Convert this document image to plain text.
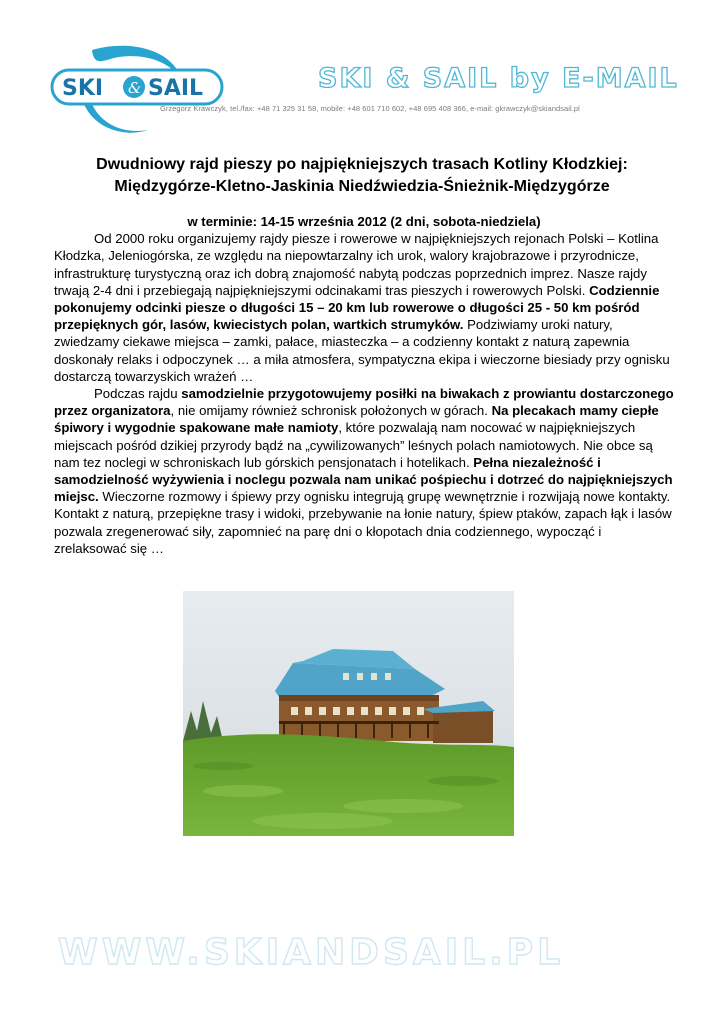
SKI & SAIL	SKI & SAIL by E-MAIL
Grzegorz Krawczyk, tel./fax: +48 71 325 31 58, mobile: +48 601 710 602, +48 695 408 366, e-mail: gkrawczyk@skiandsail.pl
Dwudniowy rajd pieszy po najpiękniejszych trasach Kotliny Kłodzkiej:
Międzygórze-Kletno-Jaskinia Niedźwiedzia-Śnieżnik-Międzygórze

w terminie: 14-15 września 2012 (2 dni, sobota-niedziela)

Od 2000 roku organizujemy rajdy piesze i rowerowe w najpiękniejszych rejonach Polski – Kotlina Kłodzka, Jeleniogórska, ze względu na niepowtarzalny ich urok, walory krajobrazowe i przyrodnicze, infrastrukturę turystyczną oraz ich dobrą znajomość nabytą podczas poprzednich imprez. Nasze rajdy trwają 2-4 dni i przebiegają najpiękniejszymi odcinakami tras pieszych i rowerowych Polski. Codziennie pokonujemy odcinki piesze o długości 15 – 20 km lub rowerowe o długości 25 - 50 km pośród przepięknych gór, lasów, kwiecistych polan, wartkich strumyków. Podziwiamy uroki natury, zwiedzamy ciekawe miejsca – zamki, pałace, miasteczka – a codzienny kontakt z naturą zapewnia doskonały relaks i odpoczynek … a miła atmosfera, sympatyczna ekipa i wieczorne biesiady przy ognisku dostarczą towarzyskich wrażeń …

Podczas rajdu samodzielnie przygotowujemy posiłki na biwakach z prowiantu dostarczonego przez organizatora, nie omijamy również schronisk położonych w górach. Na plecakach mamy ciepłe śpiwory i wygodnie spakowane małe namioty, które pozwalają nam nocować w najpiękniejszych miejscach pośród dzikiej przyrody bądź na „cywilizowanych” leśnych polach namiotowych. Nie obce są nam tez noclegi w schroniskach lub górskich pensjonatach i hotelikach. Pełna niezależność i samodzielność wyżywienia i noclegu pozwala nam unikać pośpiechu i dotrzeć do najpiękniejszych miejsc. Wieczorne rozmowy i śpiewy przy ognisku integrują grupę wewnętrznie i rozwijają nowe kontakty. Kontakt z naturą, przepiękne trasy i widoki, przebywanie na łonie natury, śpiew ptaków, zapach łąk i lasów pozwala zregenerować siły, zapomnieć na parę dni o kłopotach dnia codziennego, wypocząć i zrelaksować się …

WWW.SKIANDSAIL.PL
